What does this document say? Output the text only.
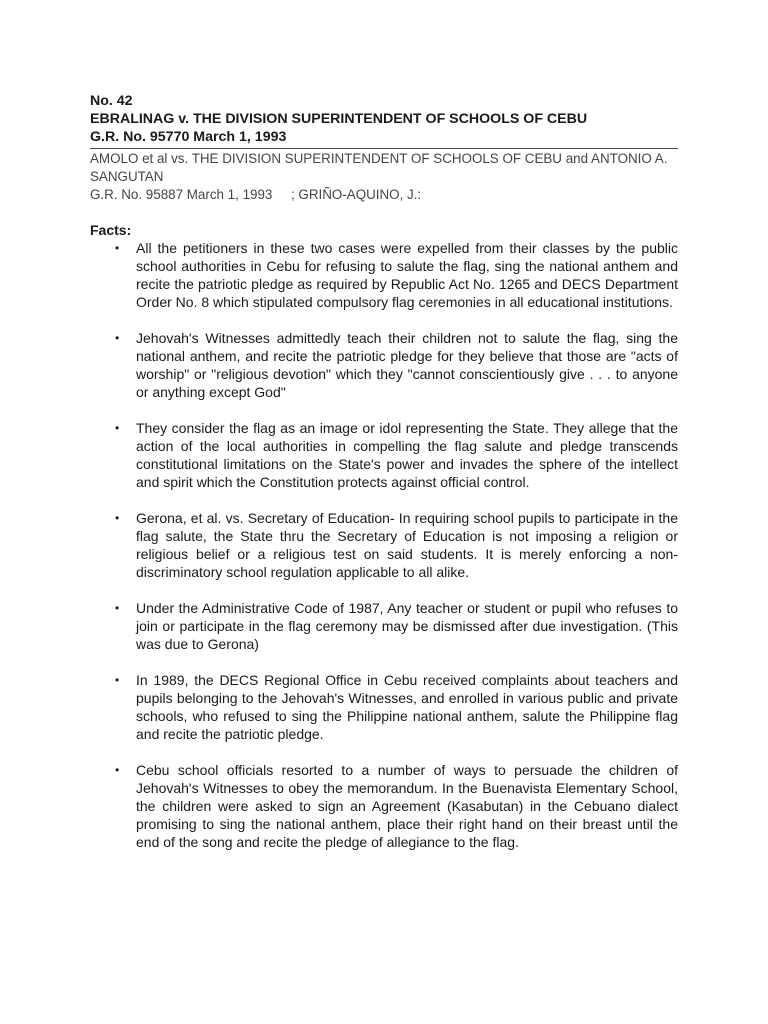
No. 42

EBRALINAG v. THE DIVISION SUPERINTENDENT OF SCHOOLS OF CEBU

G.R. No. 95770 March 1, 1993

AMOLO et al vs. THE DIVISION SUPERINTENDENT OF SCHOOLS OF CEBU and ANTONIO A. SANGUTAN

G.R. No. 95887 March 1, 1993     ; GRIÑO-AQUINO, J.:

Facts:

• All the petitioners in these two cases were expelled from their classes by the public school authorities in Cebu for refusing to salute the flag, sing the national anthem and recite the patriotic pledge as required by Republic Act No. 1265 and DECS Department Order No. 8 which stipulated compulsory flag ceremonies in all educational institutions.
• Jehovah's Witnesses admittedly teach their children not to salute the flag, sing the national anthem, and recite the patriotic pledge for they believe that those are "acts of worship" or "religious devotion" which they "cannot conscientiously give . . . to anyone or anything except God"
• They consider the flag as an image or idol representing the State. They allege that the action of the local authorities in compelling the flag salute and pledge transcends constitutional limitations on the State's power and invades the sphere of the intellect and spirit which the Constitution protects against official control.
• Gerona, et al. vs. Secretary of Education- In requiring school pupils to participate in the flag salute, the State thru the Secretary of Education is not imposing a religion or religious belief or a religious test on said students. It is merely enforcing a non-discriminatory school regulation applicable to all alike.
• Under the Administrative Code of 1987, Any teacher or student or pupil who refuses to join or participate in the flag ceremony may be dismissed after due investigation. (This was due to Gerona)
• In 1989, the DECS Regional Office in Cebu received complaints about teachers and pupils belonging to the Jehovah's Witnesses, and enrolled in various public and private schools, who refused to sing the Philippine national anthem, salute the Philippine flag and recite the patriotic pledge.
• Cebu school officials resorted to a number of ways to persuade the children of Jehovah's Witnesses to obey the memorandum. In the Buenavista Elementary School, the children were asked to sign an Agreement (Kasabutan) in the Cebuano dialect promising to sing the national anthem, place their right hand on their breast until the end of the song and recite the pledge of allegiance to the flag.
